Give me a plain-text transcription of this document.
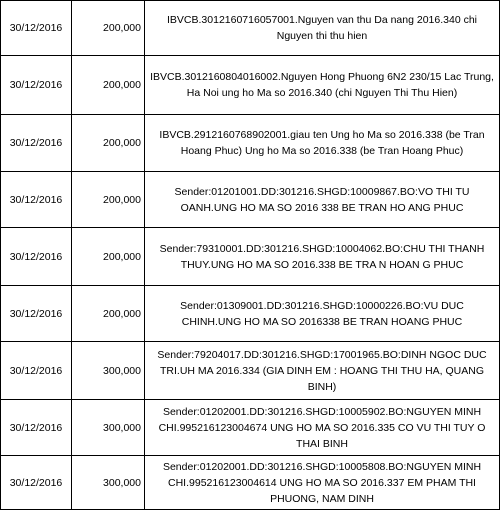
30/12/2016	200,000	IBVCB.3012160716057001.Nguyen van thu Da nang 2016.340 chi Nguyen thi thu hien
30/12/2016	200,000	IBVCB.3012160804016002.Nguyen Hong Phuong 6N2 230/15 Lac Trung, Ha Noi ung ho Ma so 2016.340 (chi Nguyen Thi Thu Hien)
30/12/2016	200,000	IBVCB.2912160768902001.giau ten Ung ho Ma so 2016.338 (be Tran Hoang Phuc) Ung ho Ma so 2016.338 (be Tran Hoang Phuc)
30/12/2016	200,000	Sender:01201001.DD:301216.SHGD:10009867.BO:VO THI TU OANH.UNG HO MA SO 2016 338 BE TRAN HO ANG PHUC
30/12/2016	200,000	Sender:79310001.DD:301216.SHGD:10004062.BO:CHU THI THANH THUY.UNG HO MA SO 2016.338 BE TRA N HOAN G PHUC
30/12/2016	200,000	Sender:01309001.DD:301216.SHGD:10000226.BO:VU DUC CHINH.UNG HO MA SO 2016338 BE TRAN HOANG PHUC
30/12/2016	300,000	Sender:79204017.DD:301216.SHGD:17001965.BO:DINH NGOC DUC TRI.UH MA 2016.334 (GIA DINH EM : HOANG THI THU HA, QUANG BINH)
30/12/2016	300,000	Sender:01202001.DD:301216.SHGD:10005902.BO:NGUYEN MINH CHI.995216123004674 UNG HO MA SO 2016.335 CO VU THI TUY O THAI BINH
30/12/2016	300,000	Sender:01202001.DD:301216.SHGD:10005808.BO:NGUYEN MINH CHI.995216123004614 UNG HO MA SO 2016.337 EM PHAM THI PHUONG, NAM DINH
